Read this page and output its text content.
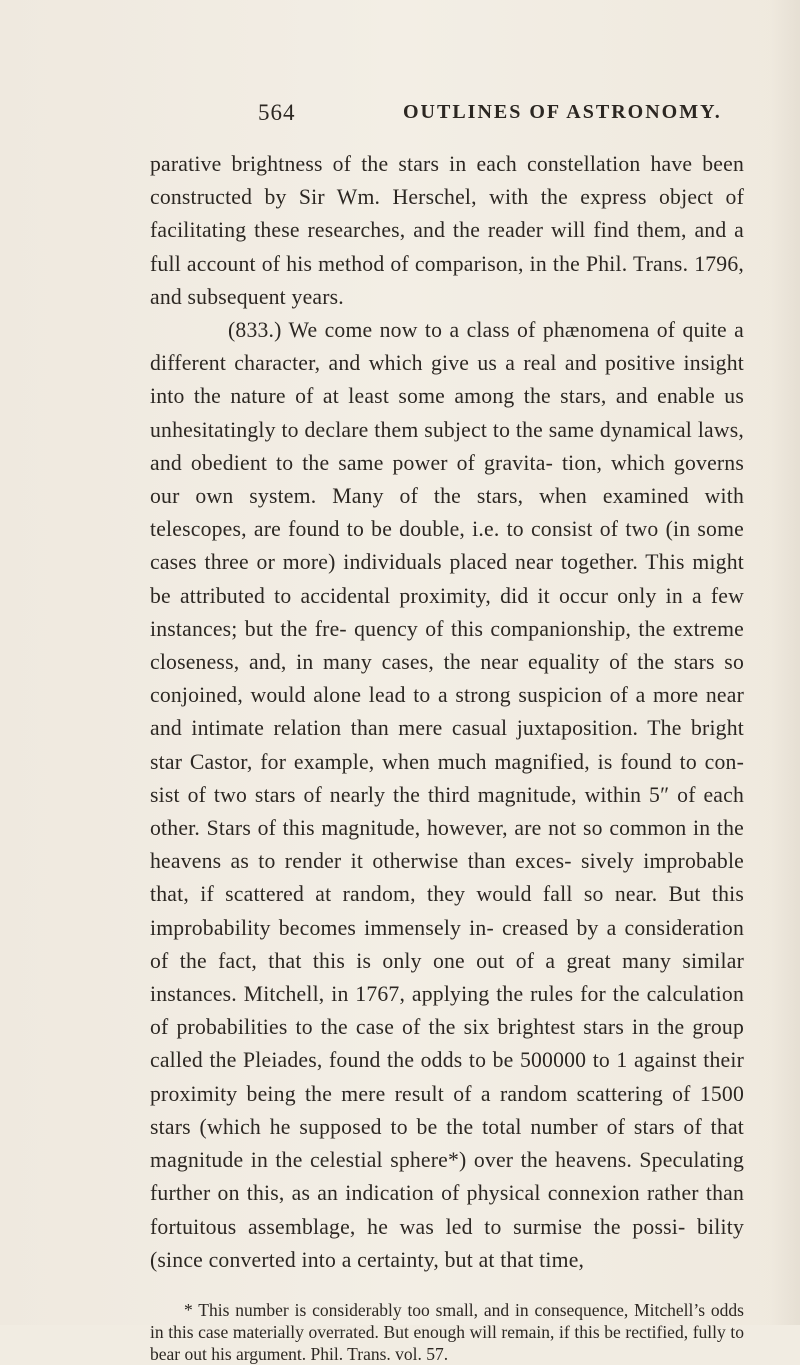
564	OUTLINES OF ASTRONOMY.

parative brightness of the stars in each constellation have been constructed by Sir Wm. Herschel, with the express object of facilitating these researches, and the reader will find them, and a full account of his method of comparison, in the Phil. Trans. 1796, and subsequent years.

(833.) We come now to a class of phænomena of quite a different character, and which give us a real and positive insight into the nature of at least some among the stars, and enable us unhesitatingly to declare them subject to the same dynamical laws, and obedient to the same power of gravita- tion, which governs our own system. Many of the stars, when examined with telescopes, are found to be double, i.e. to consist of two (in some cases three or more) individuals placed near together. This might be attributed to accidental proximity, did it occur only in a few instances; but the fre- quency of this companionship, the extreme closeness, and, in many cases, the near equality of the stars so conjoined, would alone lead to a strong suspicion of a more near and intimate relation than mere casual juxtaposition. The bright star Castor, for example, when much magnified, is found to con- sist of two stars of nearly the third magnitude, within 5″ of each other. Stars of this magnitude, however, are not so common in the heavens as to render it otherwise than exces- sively improbable that, if scattered at random, they would fall so near. But this improbability becomes immensely in- creased by a consideration of the fact, that this is only one out of a great many similar instances. Mitchell, in 1767, applying the rules for the calculation of probabilities to the case of the six brightest stars in the group called the Pleiades, found the odds to be 500000 to 1 against their proximity being the mere result of a random scattering of 1500 stars (which he supposed to be the total number of stars of that magnitude in the celestial sphere*) over the heavens. Speculating further on this, as an indication of physical connexion rather than fortuitous assemblage, he was led to surmise the possi- bility (since converted into a certainty, but at that time,

* This number is considerably too small, and in consequence, Mitchell’s odds in this case materially overrated. But enough will remain, if this be rectified, fully to bear out his argument. Phil. Trans. vol. 57.
